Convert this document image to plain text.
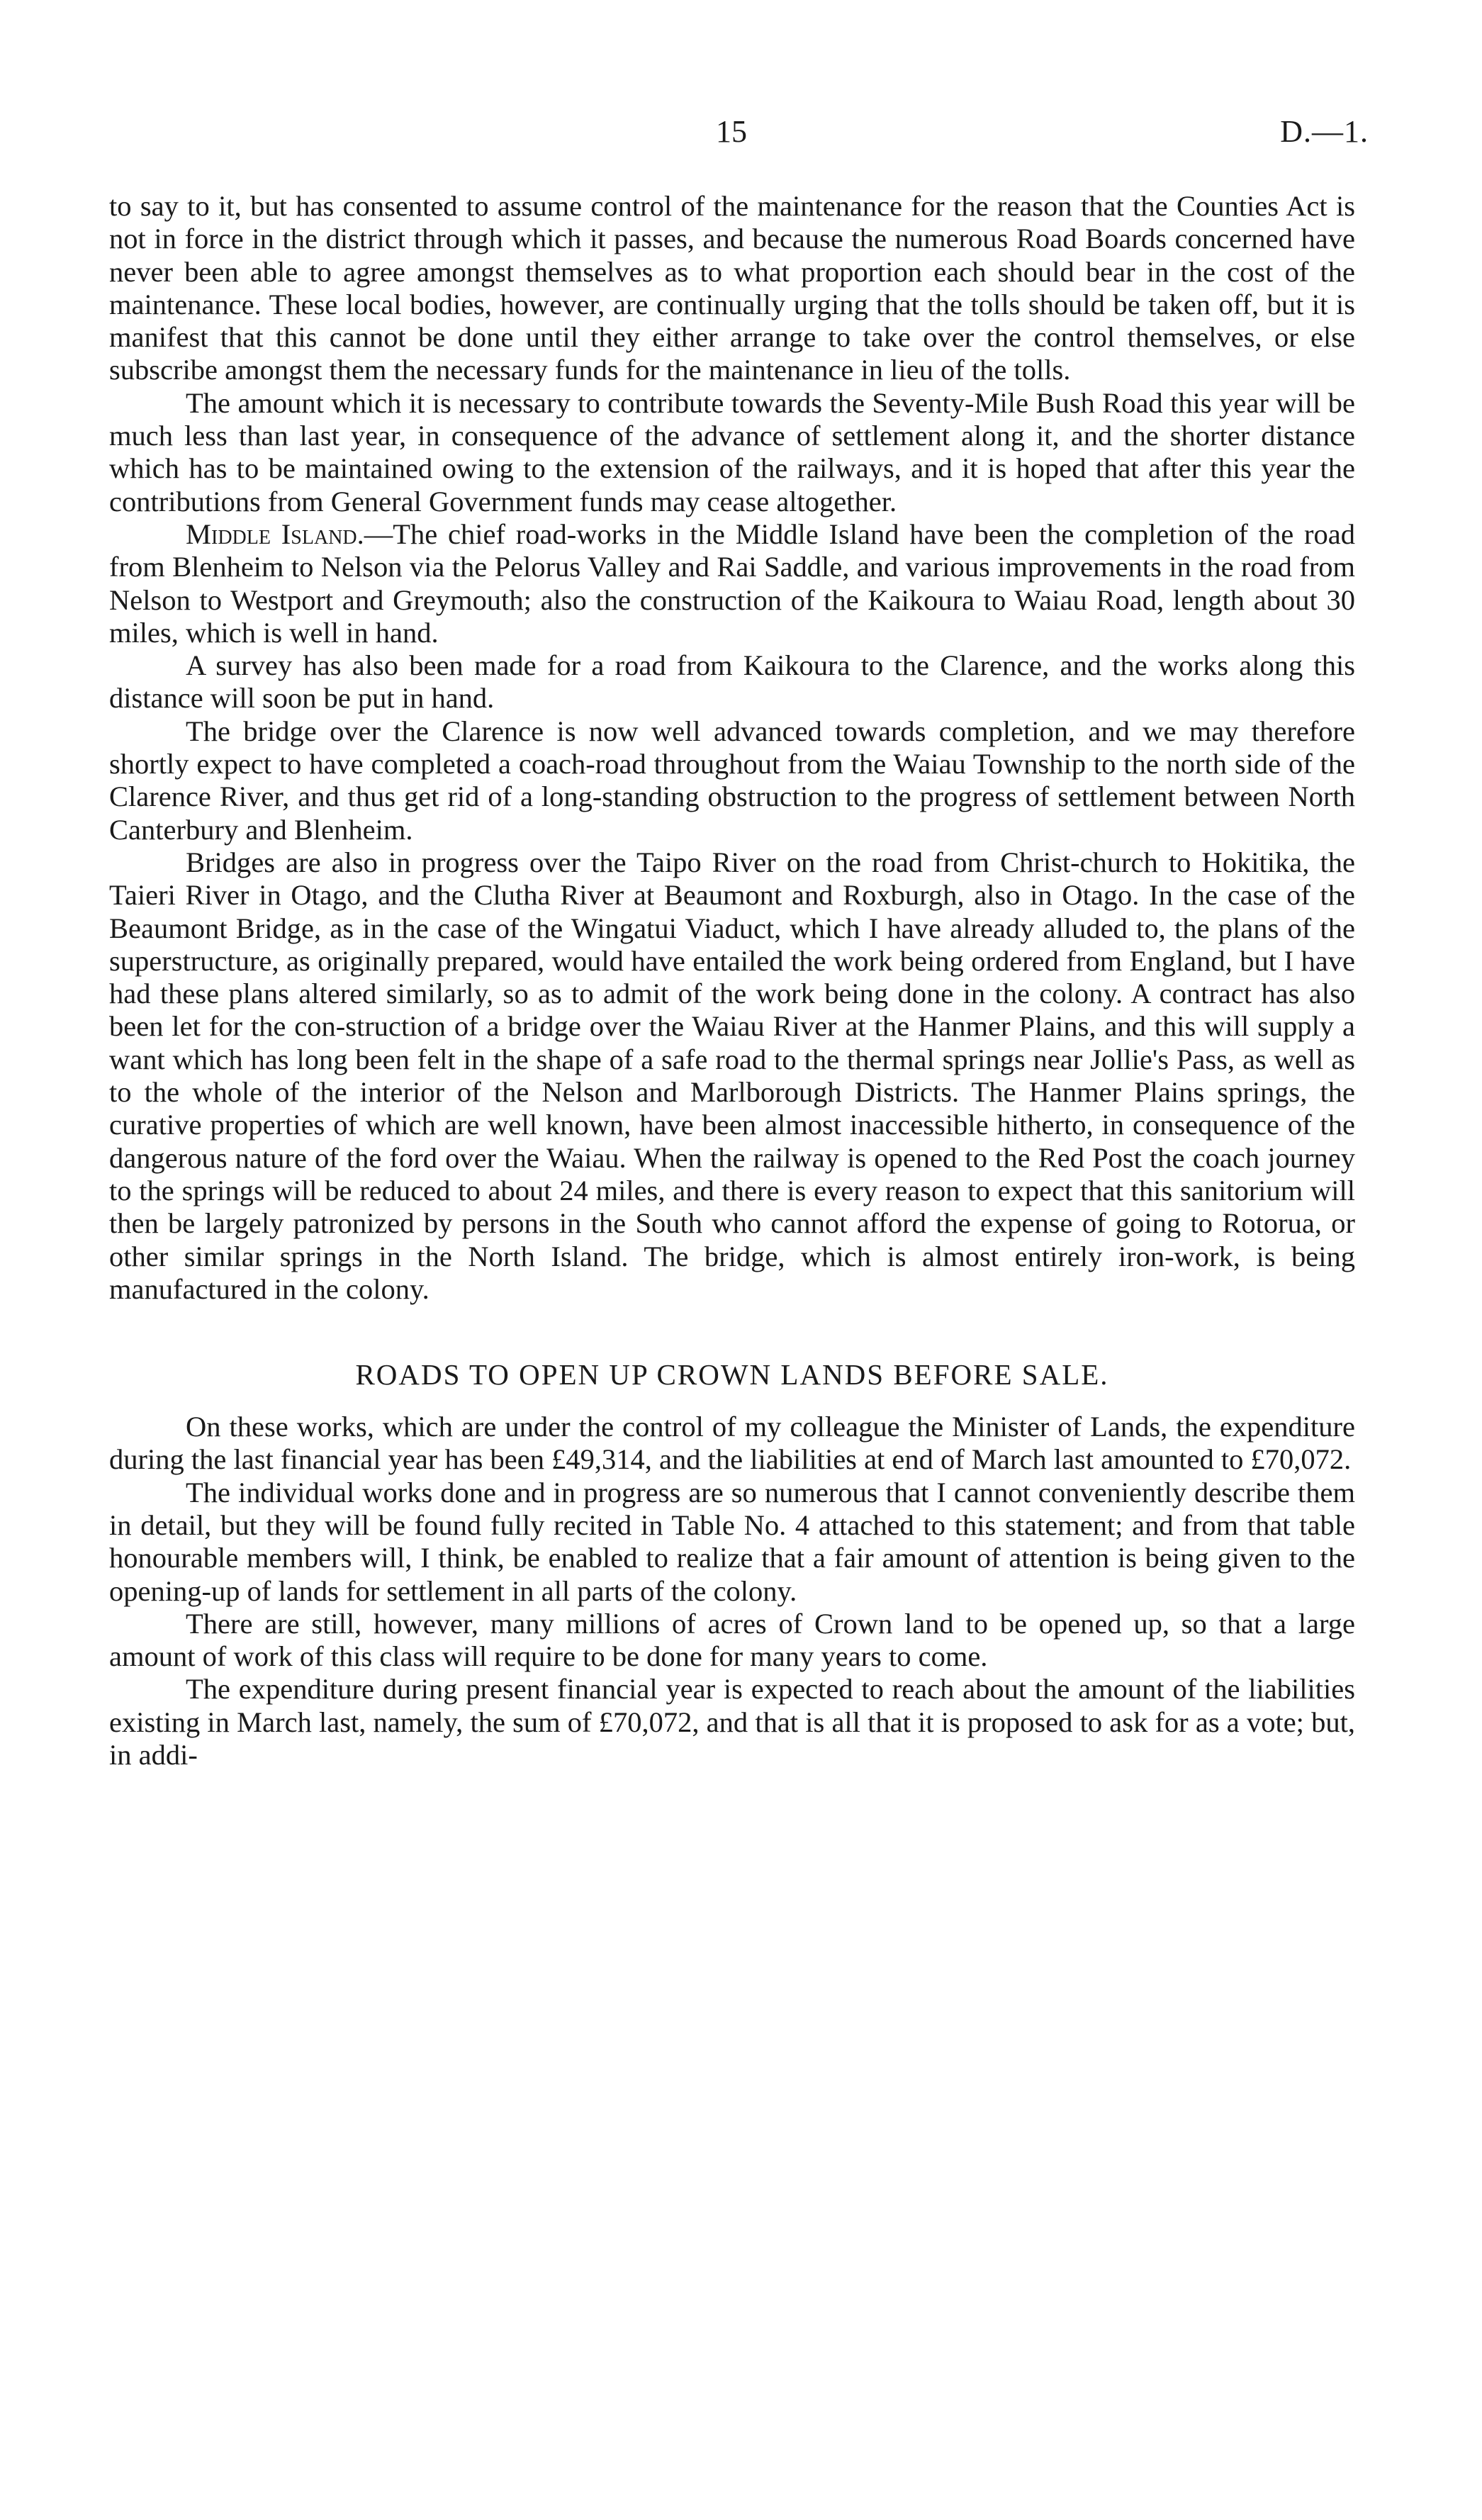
15	D.—1.

to say to it, but has consented to assume control of the maintenance for the reason that the Counties Act is not in force in the district through which it passes, and because the numerous Road Boards concerned have never been able to agree amongst themselves as to what proportion each should bear in the cost of the maintenance. These local bodies, however, are continually urging that the tolls should be taken off, but it is manifest that this cannot be done until they either arrange to take over the control themselves, or else subscribe amongst them the necessary funds for the maintenance in lieu of the tolls.

The amount which it is necessary to contribute towards the Seventy-Mile Bush Road this year will be much less than last year, in consequence of the advance of settlement along it, and the shorter distance which has to be maintained owing to the extension of the railways, and it is hoped that after this year the contributions from General Government funds may cease altogether.

Middle Island.—The chief road-works in the Middle Island have been the completion of the road from Blenheim to Nelson via the Pelorus Valley and Rai Saddle, and various improvements in the road from Nelson to Westport and Greymouth; also the construction of the Kaikoura to Waiau Road, length about 30 miles, which is well in hand.

A survey has also been made for a road from Kaikoura to the Clarence, and the works along this distance will soon be put in hand.

The bridge over the Clarence is now well advanced towards completion, and we may therefore shortly expect to have completed a coach-road throughout from the Waiau Township to the north side of the Clarence River, and thus get rid of a long-standing obstruction to the progress of settlement between North Canterbury and Blenheim.

Bridges are also in progress over the Taipo River on the road from Christ-church to Hokitika, the Taieri River in Otago, and the Clutha River at Beaumont and Roxburgh, also in Otago. In the case of the Beaumont Bridge, as in the case of the Wingatui Viaduct, which I have already alluded to, the plans of the superstructure, as originally prepared, would have entailed the work being ordered from England, but I have had these plans altered similarly, so as to admit of the work being done in the colony. A contract has also been let for the con-struction of a bridge over the Waiau River at the Hanmer Plains, and this will supply a want which has long been felt in the shape of a safe road to the thermal springs near Jollie's Pass, as well as to the whole of the interior of the Nelson and Marlborough Districts. The Hanmer Plains springs, the curative properties of which are well known, have been almost inaccessible hitherto, in consequence of the dangerous nature of the ford over the Waiau. When the railway is opened to the Red Post the coach journey to the springs will be reduced to about 24 miles, and there is every reason to expect that this sanitorium will then be largely patronized by persons in the South who cannot afford the expense of going to Rotorua, or other similar springs in the North Island. The bridge, which is almost entirely iron-work, is being manufactured in the colony.

ROADS TO OPEN UP CROWN LANDS BEFORE SALE.

On these works, which are under the control of my colleague the Minister of Lands, the expenditure during the last financial year has been £49,314, and the liabilities at end of March last amounted to £70,072.

The individual works done and in progress are so numerous that I cannot conveniently describe them in detail, but they will be found fully recited in Table No. 4 attached to this statement; and from that table honourable members will, I think, be enabled to realize that a fair amount of attention is being given to the opening-up of lands for settlement in all parts of the colony.

There are still, however, many millions of acres of Crown land to be opened up, so that a large amount of work of this class will require to be done for many years to come.

The expenditure during present financial year is expected to reach about the amount of the liabilities existing in March last, namely, the sum of £70,072, and that is all that it is proposed to ask for as a vote; but, in addi-
